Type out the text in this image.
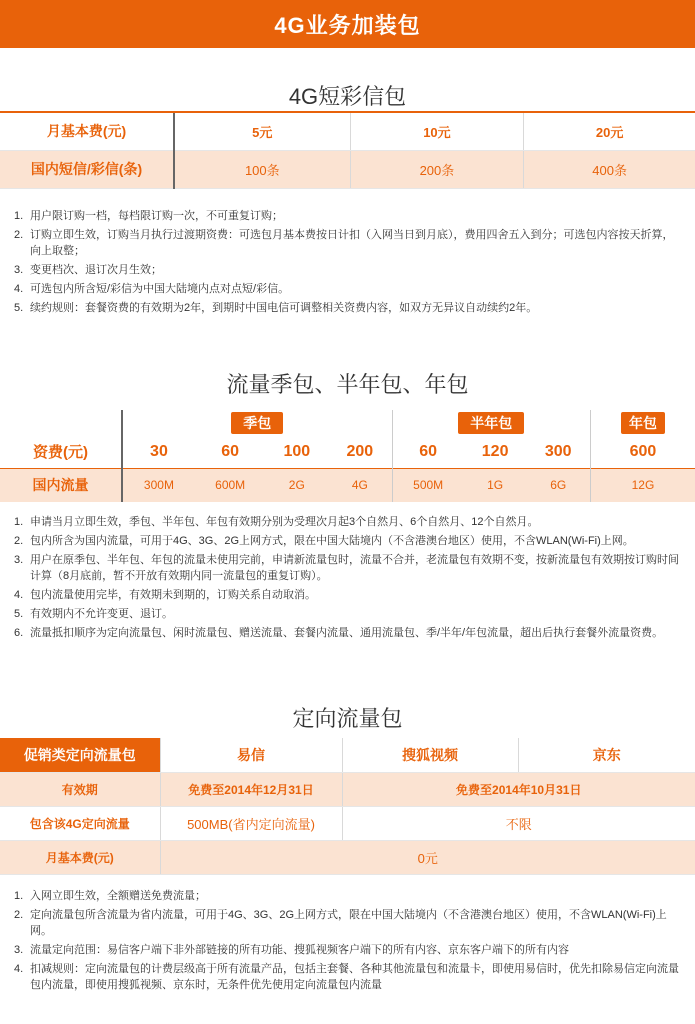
4G业务加装包
4G短彩信包
月基本费(元)	5元	10元	20元
国内短信/彩信(条)	100条	200条	400条
1. 用户限订购一档，每档限订购一次，不可重复订购；
2. 订购立即生效，订购当月执行过渡期资费：可选包月基本费按日计扣（入网当日到月底），费用四舍五入到分；可选包内容按天折算，向上取整；
3. 变更档次、退订次月生效；
4. 可选包内所含短/彩信为中国大陆境内点对点短/彩信。
5. 续约规则：套餐资费的有效期为2年，到期时中国电信可调整相关资费内容，如双方无异议自动续约2年。
流量季包、半年包、年包
	季包				半年包			年包
资费(元)	30	60	100	200	60	120	300	600
国内流量	300M	600M	2G	4G	500M	1G	6G	12G
1. 申请当月立即生效，季包、半年包、年包有效期分别为受理次月起3个自然月、6个自然月、12个自然月。
2. 包内所含为国内流量，可用于4G、3G、2G上网方式，限在中国大陆境内（不含港澳台地区）使用，不含WLAN(Wi-Fi)上网。
3. 用户在原季包、半年包、年包的流量未使用完前，申请新流量包时，流量不合并，老流量包有效期不变，按新流量包有效期按订购时间计算（8月底前，暂不开放有效期内同一流量包的重复订购）。
4. 包内流量使用完毕，有效期未到期的，订购关系自动取消。
5. 有效期内不允许变更、退订。
6. 流量抵扣顺序为定向流量包、闲时流量包、赠送流量、套餐内流量、通用流量包、季/半年/年包流量，超出后执行套餐外流量资费。
定向流量包
促销类定向流量包	易信	搜狐视频	京东
有效期	免费至2014年12月31日	免费至2014年10月31日	
包含该4G定向流量	500MB(省内定向流量)	不限	
月基本费(元)	0元		
1. 入网立即生效，全额赠送免费流量；
2. 定向流量包所含流量为省内流量，可用于4G、3G、2G上网方式，限在中国大陆境内（不含港澳台地区）使用，不含WLAN(Wi-Fi)上网。
3. 流量定向范围：易信客户端下非外部链接的所有功能、搜狐视频客户端下的所有内容、京东客户端下的所有内容
4. 扣减规则：定向流量包的计费层级高于所有流量产品，包括主套餐、各种其他流量包和流量卡，即使用易信时，优先扣除易信定向流量包内流量，即使用搜狐视频、京东时，无条件优先使用定向流量包内流量
